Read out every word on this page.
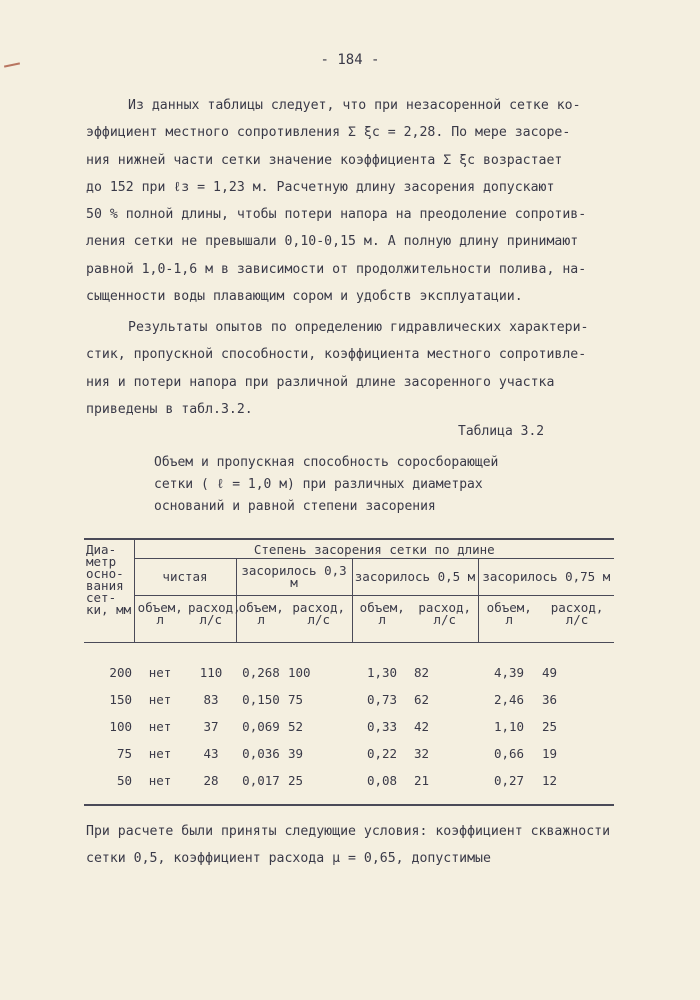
- 184 -
Из данных таблицы следует, что при незасоренной сетке ко-
эффициент местного сопротивления Σ ξc = 2,28. По мере засоре-
ния нижней части сетки значение коэффициента Σ ξc возрастает
до 152 при ℓз = 1,23 м. Расчетную длину засорения допускают
50 % полной длины, чтобы потери напора на преодоление сопротив-
ления сетки не превышали 0,10-0,15 м. А полную длину принимают
равной 1,0-1,6 м в зависимости от продолжительности полива, на-
сыщенности воды плавающим сором и удобств эксплуатации.
Результаты опытов по определению гидравлических характери-
стик, пропускной способности, коэффициента местного сопротивле-
ния и потери напора при различной длине засоренного участка
приведены в табл.3.2.
Таблица 3.2
Объем и пропускная способность соросборающей
сетки ( ℓ = 1,0 м) при различных диаметрах
оснований и равной степени засорения
Диа-метр осно-вания сет-ки, мм	Степень засорения сетки по длине							
	чистая		засорилось 0,3 м		засорилось 0,5 м		засорилось 0,75 м	
	объем, л	расход, л/с	объем, л	расход, л/с	объем, л	расход, л/с	объем, л	расход, л/с

200	нет	110	0,268	100	1,30	82	4,39	49
150	нет	83	0,150	75	0,73	62	2,46	36
100	нет	37	0,069	52	0,33	42	1,10	25
75	нет	43	0,036	39	0,22	32	0,66	19
50	нет	28	0,017	25	0,08	21	0,27	12

При расчете были приняты следующие условия: коэффициент скважности сетки 0,5, коэффициент расхода μ = 0,65, допустимые
